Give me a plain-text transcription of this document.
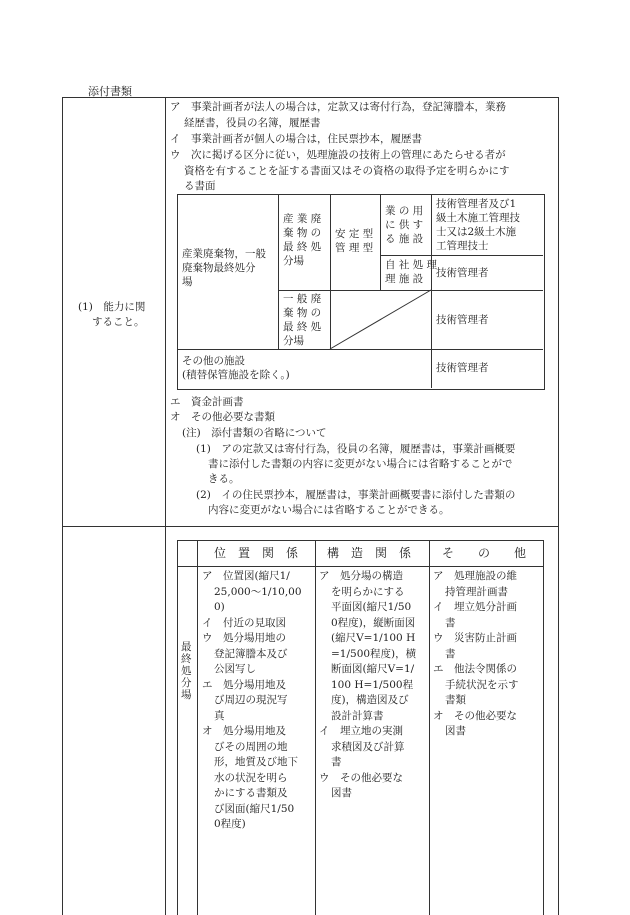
添付書類
(1)　能力に関
すること。
ア　事業計画者が法人の場合は，定款又は寄付行為，登記簿謄本，業務
経歴書，役員の名簿，履歴書
イ　事業計画者が個人の場合は，住民票抄本，履歴書
ウ　次に掲げる区分に従い，処理施設の技術上の管理にあたらせる者が
資格を有することを証する書面又はその資格の取得予定を明らかにす
る書面
産業廃棄物，一般
廃棄物最終処分
場
産 業 廃
棄 物 の
最 終 処
分場
安 定 型
管 理 型
業 の 用
に 供 す
る 施 設
技術管理者及び1
級土木施工管理技
士又は2級土木施
工管理技士
自 社 処 理
理 施 設	技術管理者
一 般 廃
棄 物 の
最 終 処
分場
技術管理者
その他の施設
(積替保管施設を除く。)
技術管理者
エ　資金計画書
オ　その他必要な書類
(注)　添付書類の省略について
(1)　アの定款又は寄付行為，役員の名簿，履歴書は，事業計画概要
書に添付した書類の内容に変更がない場合には省略することがで
きる。
(2)　イの住民票抄本，履歴書は，事業計画概要書に添付した書類の
内容に変更がない場合には省略することができる。
位　置　関　係 構　造　関　係	そ　　の　　他
最終処分場
ア　位置図(縮尺1/
25,000～1/10,00
0)
イ　付近の見取図
ウ　処分場用地の
登記簿謄本及び
公図写し
エ　処分場用地及
び周辺の現況写
真
オ　処分場用地及
びその周囲の地
形，地質及び地下
水の状況を明ら
かにする書類及
び図面(縮尺1/50
0程度)
ア　処分場の構造
を明らかにする
平面図(縮尺1/50
0程度)，縦断面図
(縮尺V=1/100 H
=1/500程度)，横
断面図(縮尺V=1/
100 H=1/500程
度)，構造図及び
設計計算書
イ　埋立地の実測
求積図及び計算
書
ウ　その他必要な
図書
ア　処理施設の維
持管理計画書
イ　埋立処分計画
書
ウ　災害防止計画
書
エ　他法令関係の
手続状況を示す
書類
オ　その他必要な
図書
